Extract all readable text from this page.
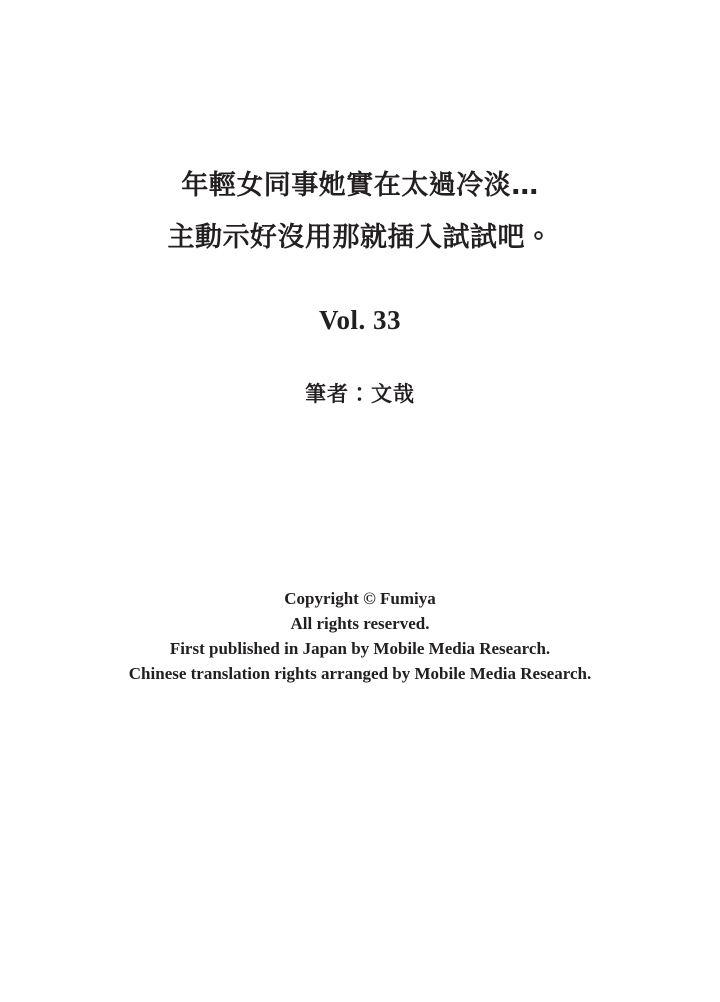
年輕女同事她實在太過冷淡…
主動示好沒用那就插入試試吧。
Vol. 33
筆者：文哉
Copyright © Fumiya
All rights reserved.
First published in Japan by Mobile Media Research.
Chinese translation rights arranged by Mobile Media Research.
